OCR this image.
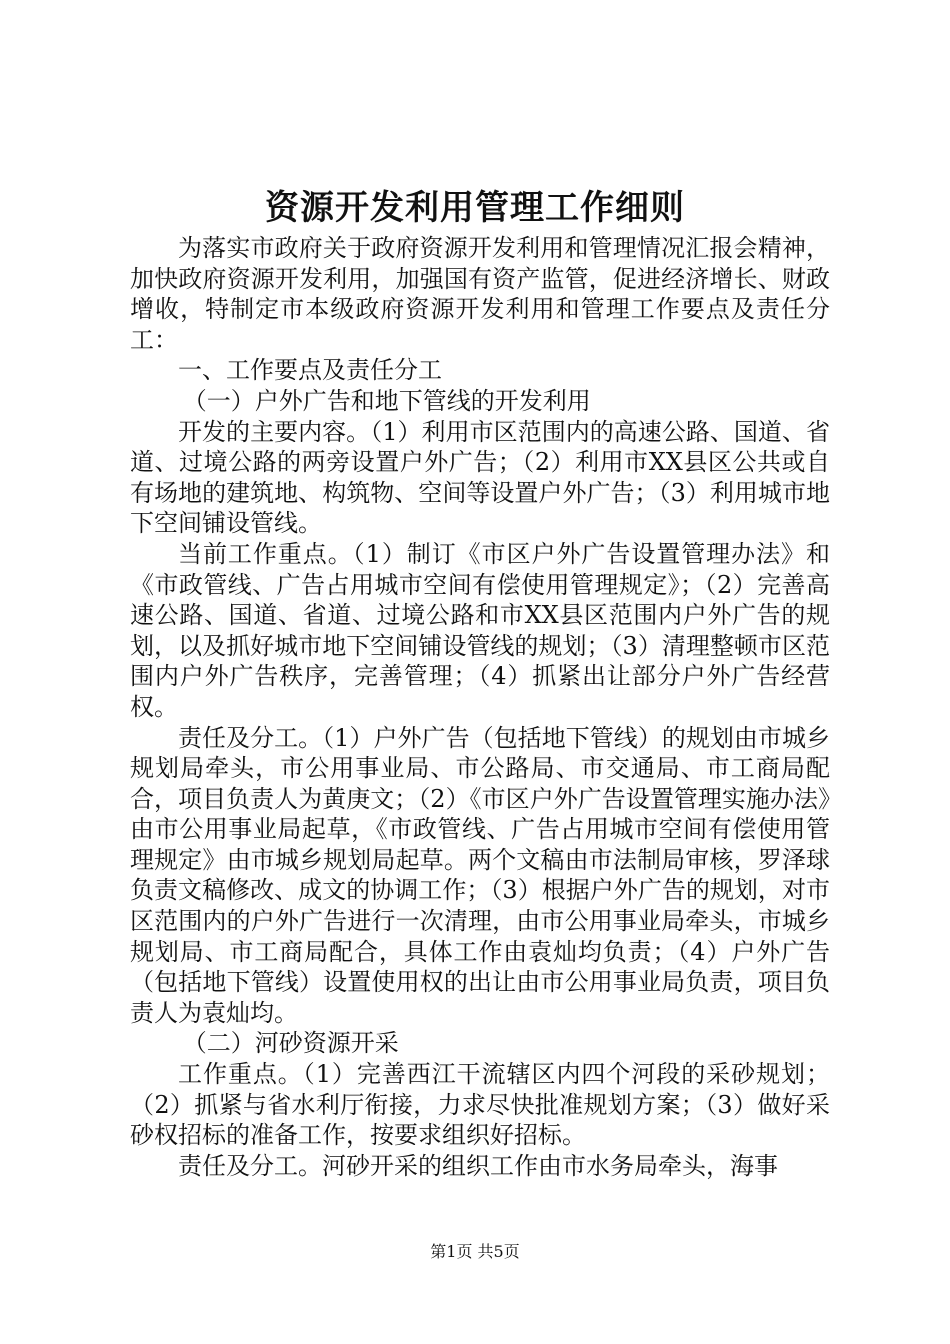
资源开发利用管理工作细则

为落实市政府关于政府资源开发利用和管理情况汇报会精神，加快政府资源开发利用，加强国有资产监管，促进经济增长、财政增收，特制定市本级政府资源开发利用和管理工作要点及责任分工：

一、工作要点及责任分工

（一）户外广告和地下管线的开发利用

开发的主要内容。（1）利用市区范围内的高速公路、国道、省道、过境公路的两旁设置户外广告；（2）利用市XX县区公共或自有场地的建筑地、构筑物、空间等设置户外广告；（3）利用城市地下空间铺设管线。

当前工作重点。（1）制订《市区户外广告设置管理办法》和《市政管线、广告占用城市空间有偿使用管理规定》；（2）完善高速公路、国道、省道、过境公路和市XX县区范围内户外广告的规划，以及抓好城市地下空间铺设管线的规划；（3）清理整顿市区范围内户外广告秩序，完善管理；（4）抓紧出让部分户外广告经营权。

责任及分工。（1）户外广告（包括地下管线）的规划由市城乡规划局牵头，市公用事业局、市公路局、市交通局、市工商局配合，项目负责人为黄庚文；（2）《市区户外广告设置管理实施办法》由市公用事业局起草，《市政管线、广告占用城市空间有偿使用管理规定》由市城乡规划局起草。两个文稿由市法制局审核，罗泽球负责文稿修改、成文的协调工作；（3）根据户外广告的规划，对市区范围内的户外广告进行一次清理，由市公用事业局牵头，市城乡规划局、市工商局配合，具体工作由袁灿均负责；（4）户外广告（包括地下管线）设置使用权的出让由市公用事业局负责，项目负责人为袁灿均。

（二）河砂资源开采

工作重点。（1）完善西江干流辖区内四个河段的采砂规划；（2）抓紧与省水利厅衔接，力求尽快批准规划方案；（3）做好采砂权招标的准备工作，按要求组织好招标。

责任及分工。河砂开采的组织工作由市水务局牵头，海事

第1页 共5页
